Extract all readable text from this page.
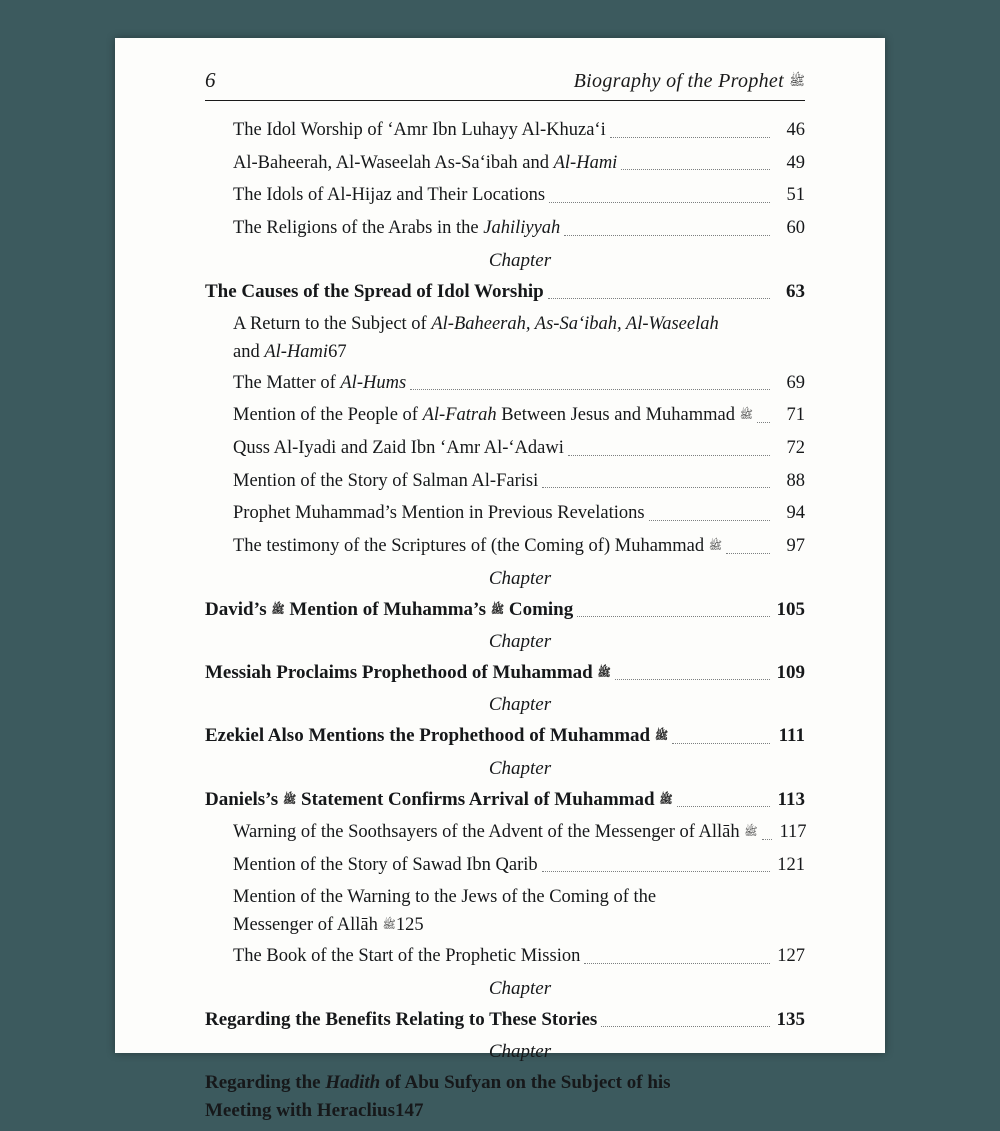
6	Biography of the Prophet ﷺ
The Idol Worship of ‘Amr Ibn Luhayy Al-Khuza‘i	46
Al-Baheerah, Al-Waseelah As-Sa‘ibah and Al-Hami	49
The Idols of Al-Hijaz and Their Locations	51
The Religions of the Arabs in the Jahiliyyah	60
Chapter
The Causes of the Spread of Idol Worship	63
A Return to the Subject of Al-Baheerah, As-Sa‘ibah, Al-Waseelah
and Al-Hami 67
The Matter of Al-Hums	69
Mention of the People of Al-Fatrah Between Jesus and Muhammad ﷺ	71
Quss Al-Iyadi and Zaid Ibn ‘Amr Al-‘Adawi	72
Mention of the Story of Salman Al-Farisi	88
Prophet Muhammad’s Mention in Previous Revelations	94
The testimony of the Scriptures of (the Coming of) Muhammad ﷺ	97
Chapter
David’s ﷺ Mention of Muhamma’s ﷺ Coming	105
Chapter
Messiah Proclaims Prophethood of Muhammad ﷺ	109
Chapter
Ezekiel Also Mentions the Prophethood of Muhammad ﷺ	111
Chapter
Daniels’s ﷺ Statement Confirms Arrival of Muhammad ﷺ	113
Warning of the Soothsayers of the Advent of the Messenger of Allāh ﷺ 117
Mention of the Story of Sawad Ibn Qarib	121
Mention of the Warning to the Jews of the Coming of the
Messenger of Allāh ﷺ 125
The Book of the Start of the Prophetic Mission	127
Chapter
Regarding the Benefits Relating to These Stories	135
Chapter
Regarding the Hadith of Abu Sufyan on the Subject of his
Meeting with Heraclius 147
